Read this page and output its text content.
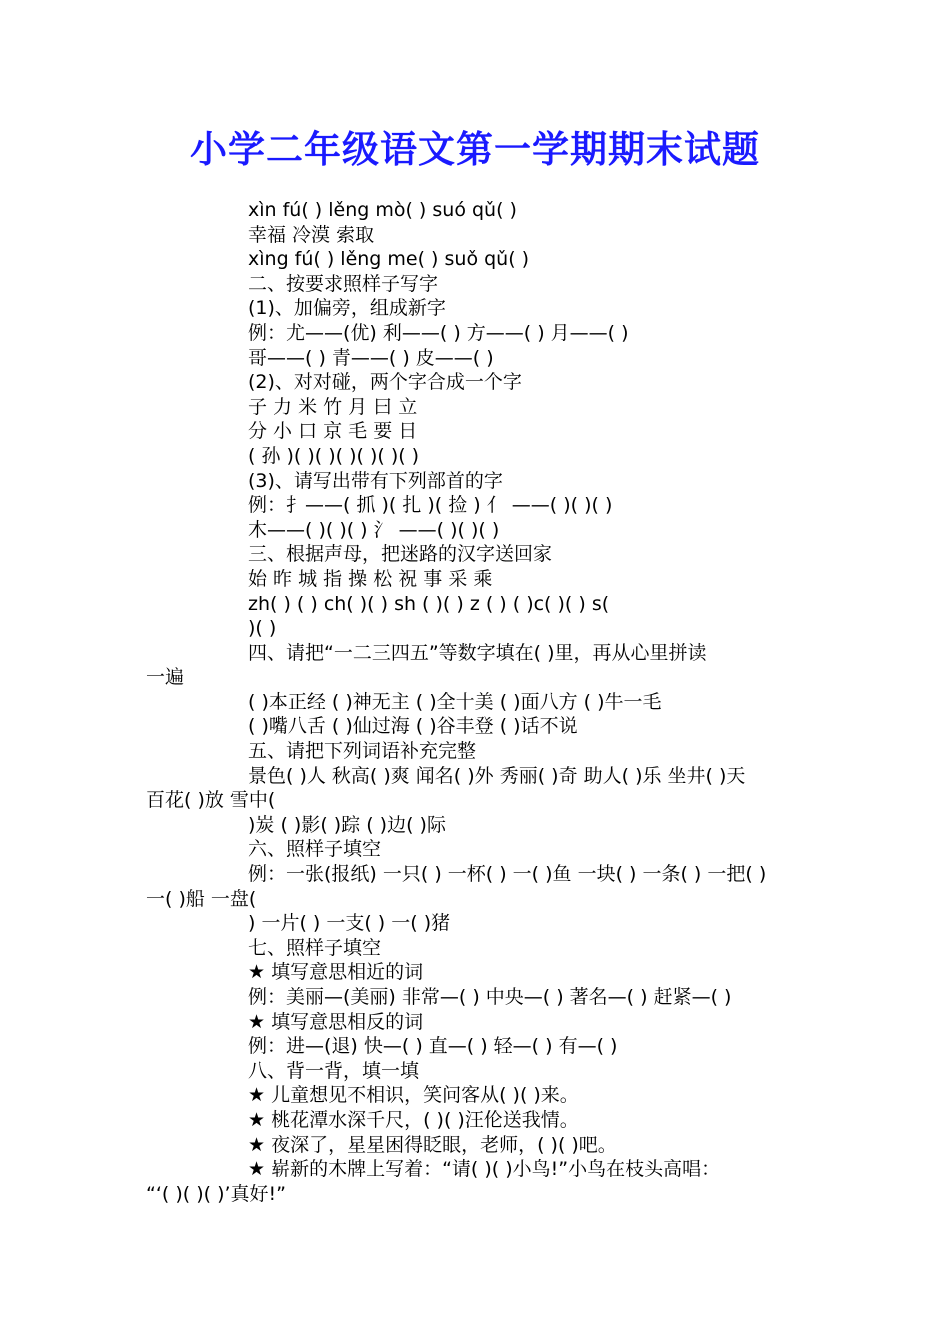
小学二年级语文第一学期期末试题
xìn fú( ) lěng mò( ) suó qǔ( )
幸福 冷漠 索取
xìng fú( ) lěng me( ) suǒ qǔ( )
二、按要求照样子写字
(1)、加偏旁，组成新字
例：尤——(优) 利——( ) 方——( ) 月——( )
哥——( ) 青——( ) 皮——( )
(2)、对对碰，两个字合成一个字
子 力 米 竹 月 曰 立
分 小 口 京 毛 要 日
( 孙 )( )( )( )( )( )( )
(3)、请写出带有下列部首的字
例：扌——( 抓 )( 扎 )( 捡 ) 亻 ——( )( )( )
木——( )( )( ) 氵 ——( )( )( )
三、根据声母，把迷路的汉字送回家
始 昨 城 指 操 松 祝 事 采 乘
zh( ) ( ) ch( )( ) sh ( )( ) z ( ) ( )c( )( ) s(
)( )
四、请把“一二三四五”等数字填在( )里，再从心里拼读
一遍
( )本正经 ( )神无主 ( )全十美 ( )面八方 ( )牛一毛
( )嘴八舌 ( )仙过海 ( )谷丰登 ( )话不说
五、请把下列词语补充完整
景色( )人 秋高( )爽 闻名( )外 秀丽( )奇 助人( )乐 坐井( )天
百花( )放 雪中(
)炭 ( )影( )踪 ( )边( )际
六、照样子填空
例：一张(报纸) 一只( ) 一杯( ) 一( )鱼 一块( ) 一条( ) 一把( )
一( )船 一盘(
) 一片( ) 一支( ) 一( )猪
七、照样子填空
★ 填写意思相近的词
例：美丽—(美丽) 非常—( ) 中央—( ) 著名—( ) 赶紧—( )
★ 填写意思相反的词
例：进—(退) 快—( ) 直—( ) 轻—( ) 有—( )
八、背一背，填一填
★ 儿童想见不相识，笑问客从( )( )来。
★ 桃花潭水深千尺，( )( )汪伦送我情。
★ 夜深了，星星困得眨眼，老师，( )( )吧。
★ 崭新的木牌上写着：“请( )( )小鸟!”小鸟在枝头高唱：
“‘( )( )( )’真好!”
